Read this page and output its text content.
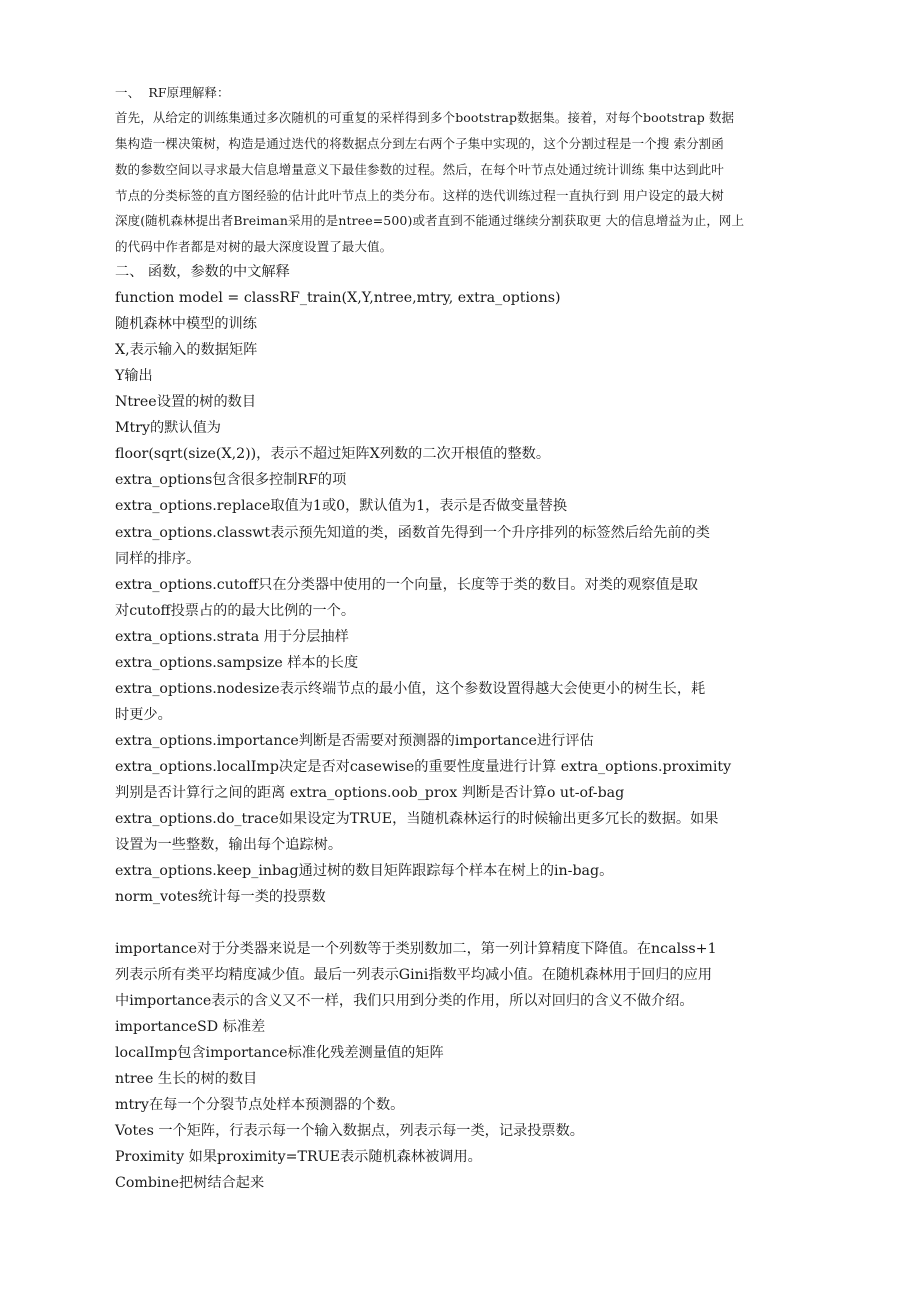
一、  RF原理解释：
首先，从给定的训练集通过多次随机的可重复的采样得到多个bootstrap数据集。接着，对每个bootstrap 数据
集构造一棵决策树，构造是通过迭代的将数据点分到左右两个子集中实现的，这个分割过程是一个搜 索分割函
数的参数空间以寻求最大信息增量意义下最佳参数的过程。然后，在每个叶节点处通过统计训练 集中达到此叶
节点的分类标签的直方图经验的估计此叶节点上的类分布。这样的迭代训练过程一直执行到 用户设定的最大树
深度(随机森林提出者Breiman采用的是ntree=500)或者直到不能通过继续分割获取更 大的信息增益为止，网上
的代码中作者都是对树的最大深度设置了最大值。
二、 函数，参数的中文解释
function model = classRF_train(X,Y,ntree,mtry, extra_options)
随机森林中模型的训练
X,表示输入的数据矩阵
Y输出
Ntree设置的树的数目
Mtry的默认值为
floor(sqrt(size(X,2))，表示不超过矩阵X列数的二次开根值的整数。
extra_options包含很多控制RF的项
extra_options.replace取值为1或0，默认值为1，表示是否做变量替换
extra_options.classwt表示预先知道的类，函数首先得到一个升序排列的标签然后给先前的类
同样的排序。
extra_options.cutoff只在分类器中使用的一个向量，长度等于类的数目。对类的观察值是取
对cutoff投票占的的最大比例的一个。
extra_options.strata 用于分层抽样
extra_options.sampsize 样本的长度
extra_options.nodesize表示终端节点的最小值，这个参数设置得越大会使更小的树生长，耗
时更少。
extra_options.importance判断是否需要对预测器的importance进行评估
extra_options.localImp决定是否对casewise的重要性度量进行计算 extra_options.proximity
判别是否计算行之间的距离 extra_options.oob_prox 判断是否计算o ut-of-bag
extra_options.do_trace如果设定为TRUE，当随机森林运行的时候输出更多冗长的数据。如果
设置为一些整数，输出每个追踪树。
extra_options.keep_inbag通过树的数目矩阵跟踪每个样本在树上的in-bag。
norm_votes统计每一类的投票数
importance对于分类器来说是一个列数等于类别数加二，第一列计算精度下降值。在ncalss+1
列表示所有类平均精度减少值。最后一列表示Gini指数平均减小值。在随机森林用于回归的应用
中importance表示的含义又不一样，我们只用到分类的作用，所以对回归的含义不做介绍。
importanceSD 标准差
localImp包含importance标准化残差测量值的矩阵
ntree 生长的树的数目
mtry在每一个分裂节点处样本预测器的个数。
Votes 一个矩阵，行表示每一个输入数据点，列表示每一类，记录投票数。
Proximity 如果proximity=TRUE表示随机森林被调用。
Combine把树结合起来
